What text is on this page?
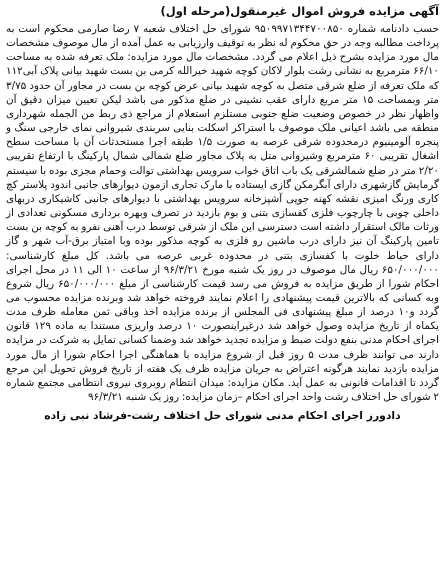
آگهی مزایده فروش اموال غیرمنقول(مرحله اول)

حسب دادنامه شماره ۹۵۰۹۹۷۱۳۴۴۷۰۰۸۵۰ شورای حل اختلاف شعبه ۷ رضا صارمی محکوم است به پرداخت مطالبه وجه در حق محکوم له نظر به توقیف وارزیابی به عمل آمده از مال موصوف مشخصات مال مورد مزایده بشرح ذیل اعلام می گردد. مشخصات مال مورد مزایده: ملک تعرفه شده به مساحت ۶۶/۱۰ مترمربع به نشانی رشت بلوار لاکان کوچه شهید خیرالله کرمی بن بست شهید بیانی پلاک آبی۱۱۲ که ملک تعرفه از ضلع شرقی متصل به کوچه شهید بیانی عرض کوچه بن بست در مجاور آن حدود ۳/۷۵ متر وبمساحت ۱۵ متر مربع دارای عقب نشینی در ضلع مذکور می باشد لیکن تعیین میزان دقیق آن واظهار نظر در خصوص وضعیت ضلع جنوبی مستلزم استعلام از مراجع ذی ربط من الجمله شهرداری منطقه می باشد اعیانی ملک موصوف با استراکر اسکلت بنایی سربندی شیروانی نمای خارجی سنگ و پنجره آلومینیوم درمحدوده شرقی عرصه به صورت ۱/۵ طبقه اجرا مستحدثات آن با مساحت سطح اشغال تقریبی ۶۰ مترمربع وشیروانی متل به پلاک مجاور ضلع شمالی شمال پارکینگ با ارتفاع تقریبی ۲/۲۰ متر در ضلع شمالشرقی یک باب اتاق خواب سرویس بهداشتی توالت وحمام مجزی بوده با سیستم گرمایش گازشهری دارای آبگرمکن گازی ایستاده با مارک تجاری ازمون دیوارهای جانبی اندود پلاستر کچ کاری ورنگ امیزی نقشه کهنه جوپی آشپزخانه سرویس بهداشتی با دیوارهای جانبی کاشیکاری دربهای داخلی چوبی با چارچوب فلزی کفسازی بتنی و بوم بازدید در تصرف وبهره برداری مسکونی تعدادی از ورثات مالک استقرار داشته است دسترسی این ملک از شرقی توسط درب آهنی نفرو به کوچه بن بست تامین پارکینگ آن نیز دارای درب ماشین رو فلزی به کوچه مذکور بوده وبا امتیاز برق-آب شهر و گاز دارای حیاط خلوت با کفسازی بتنی در محدوده غربی عرصه می باشد. کل مبلغ کارشناسی: ۶۵۰/۰۰۰/۰۰۰ ریال مال موصوف در روز یک شنبه مورخ ۹۶/۳/۲۱ از ساعت ۱۰ الی ۱۱ در محل اجرای احکام شورا از طریق مزایده به فروش می رسد قیمت کارشناسی از مبلغ ۶۵۰/۰۰۰/۰۰۰ ریال شروع وبه کسانی که بالاترین قیمت پیشنهادی را اعلام نمایند فروخته خواهد شد وبرنده مزایده محسوب می گردد و۱۰ درصد از مبلغ پیشنهادی فی المجلس از برنده مزایده اخذ وباقی ثمن معامله ظرف مدت یکماه از تاریخ مزایده وصول خواهد شد درغیراینصورت ۱۰ درصد واریزی مستندا به ماده ۱۲۹ قانون اجرای احکام مدنی بنفع دولت ضبط و مزایده تجدید خواهد شد وضمنا کسانی تمایل به شرکت در مزایده دارند می توانند ظرف مدت ۵ روز قبل از شروع مزایده با هماهنگی اجرا احکام شورا از مال مورد مزایده بازدید نمایند هرگونه اعتراض به جریان مزایده ظرف یک هفته از تاریخ فروش تحویل این مرجع گردد تا اقدامات قانونی به عمل آید. مکان مزایده: میدان انتظام روبروی نیروی انتظامی مجتمع شماره ۲ شورای حل اختلاف رشت واحد اجرای احکام –زمان مزایده: روز یک شنبه ۹۶/۳/۲۱

دادورز اجرای احکام مدنی شورای حل اختلاف رشت-فرشاد نبی زاده
